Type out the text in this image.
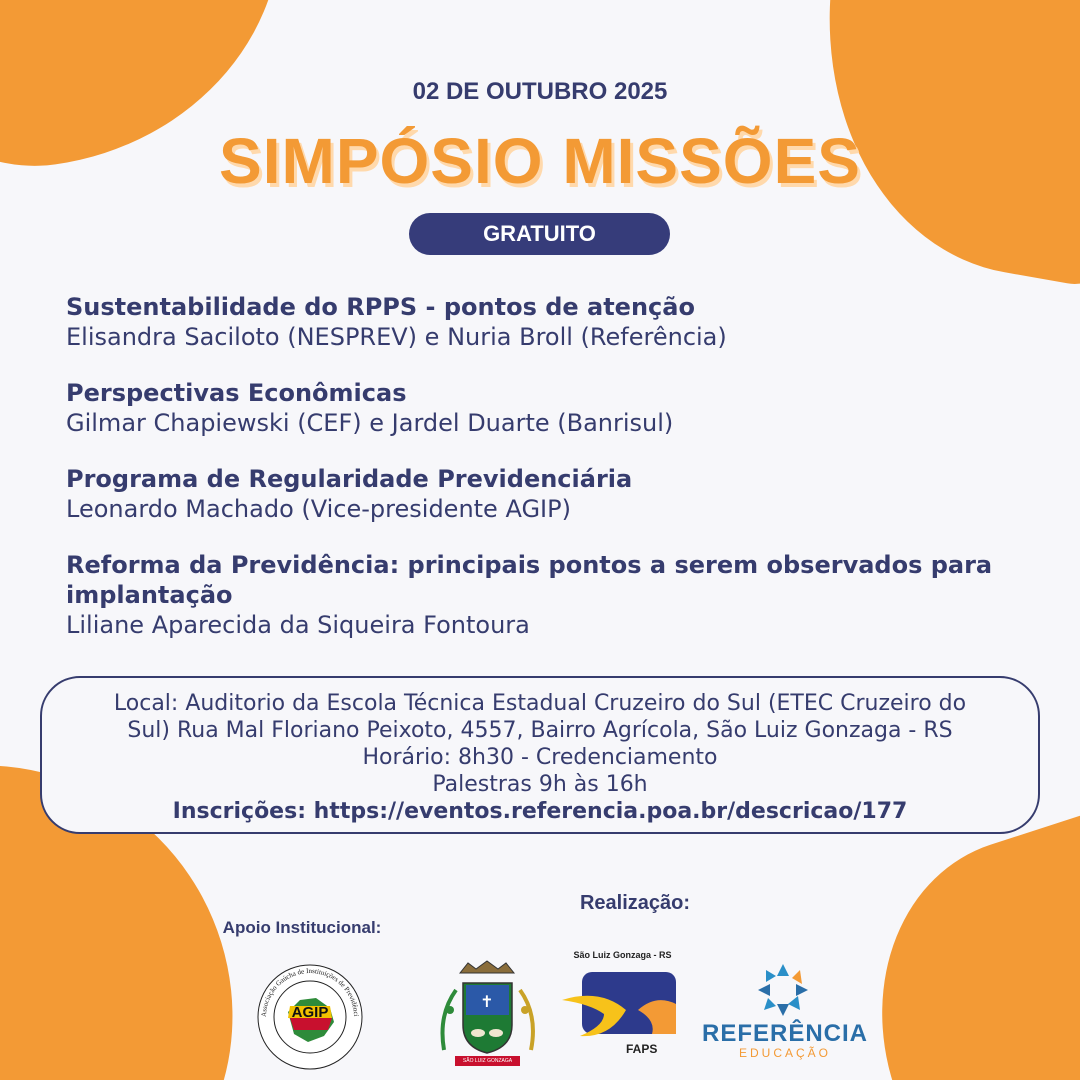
02 DE OUTUBRO 2025
SIMPÓSIO MISSÕES
GRATUITO
Sustentabilidade do RPPS - pontos de atenção
Elisandra Saciloto (NESPREV) e Nuria Broll (Referência)
Perspectivas Econômicas
Gilmar Chapiewski (CEF) e Jardel Duarte (Banrisul)
Programa de Regularidade Previdenciária
Leonardo Machado (Vice-presidente AGIP)
Reforma da Previdência: principais pontos a serem observados para implantação
Liliane Aparecida da Siqueira Fontoura
Local: Auditorio da Escola Técnica Estadual Cruzeiro do Sul (ETEC Cruzeiro do
Sul) Rua Mal Floriano Peixoto, 4557, Bairro Agrícola, São Luiz Gonzaga - RS
Horário: 8h30 - Credenciamento
Palestras 9h às 16h
Inscrições: https://eventos.referencia.poa.br/descricao/177
Realização:
Apoio Institucional:
AGIP
Associação Gaúcha de Instituições de Previdênci
✝
SÃO LUIZ GONZAGA
São Luiz Gonzaga - RS
FAPS
REFERÊNCIA
EDUCAÇÃO
